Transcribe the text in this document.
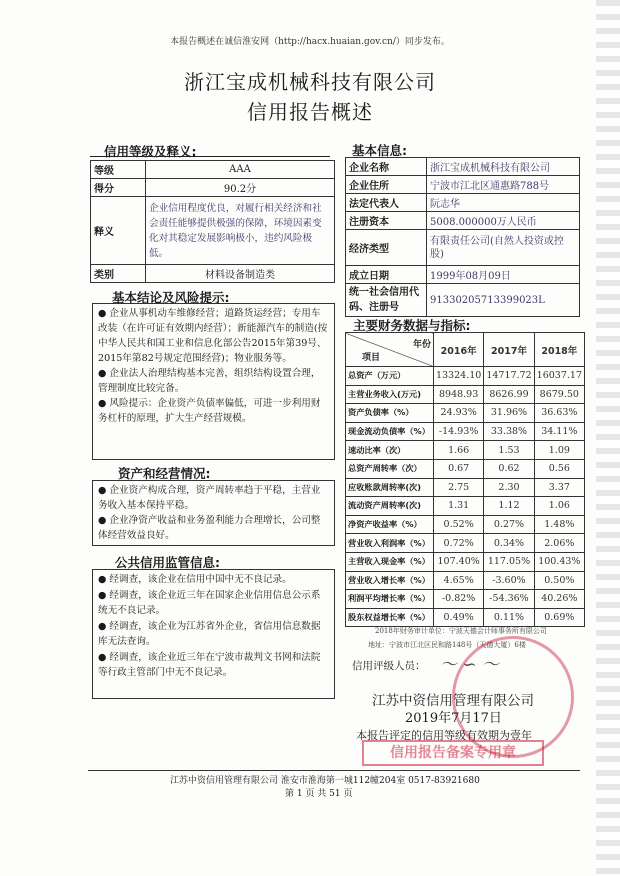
本报告概述在诚信淮安网（http://hacx.huaian.gov.cn/）同步发布。
浙江宝成机械科技有限公司
信用报告概述
信用等级及释义:
等级	AAA
得分	90.2分
释义	企业信用程度优良，对履行相关经济和社会责任能够提供极强的保障，环境因素变化对其稳定发展影响极小，违约风险极低。
类别	材料设备制造类
基本结论及风险提示:

● 企业从事机动车维修经营；道路货运经营；专用车改装（在许可证有效期内经营）；新能源汽车的制造(按中华人民共和国工业和信息化部公告2015年第39号、2015年第82号规定范围经营)；物业服务等。

● 企业法人治理结构基本完善，组织结构设置合理，管理制度比较完备。

● 风险提示：企业资产负债率偏低，可进一步利用财务杠杆的原理，扩大生产经营规模。

资产和经营情况:

● 企业资产构成合理，资产周转率趋于平稳，主营业务收入基本保持平稳。

● 企业净资产收益和业务盈利能力合理增长，公司整体经营效益良好。

公共信用监管信息:

● 经调查，该企业在信用中国中无不良记录。

● 经调查，该企业近三年在国家企业信用信息公示系统无不良记录。

● 经调查，该企业为江苏省外企业，省信用信息数据库无法查询。

● 经调查，该企业近三年在宁波市裁判文书网和法院等行政主管部门中无不良记录。

基本信息:
企业名称	浙江宝成机械科技有限公司
企业住所	宁波市江北区通惠路788号
法定代表人	阮志华
注册资本	5008.000000万人民币
经济类型	有限责任公司(自然人投资或控股)
成立日期	1999年08月09日
统一社会信用代码、注册号	91330205713399023L
主要财务数据与指标:
年份
项目	2016年	2017年	2018年
总资产（万元）	13324.10	14717.72	16037.17
主营业务收入(万元)	8948.93	8626.99	8679.50
资产负债率（%）	24.93%	31.96%	36.63%
现金流动负债率（%）	-14.93%	33.38%	34.11%
速动比率（次）	1.66	1.53	1.09
总资产周转率（次）	0.67	0.62	0.56
应收账款周转率(次)	2.75	2.30	3.37
流动资产周转率(次)	1.31	1.12	1.06
净资产收益率（%）	0.52%	0.27%	1.48%
营业收入利润率（%）	0.72%	0.34%	2.06%
主营收入现金率（%）	107.40%	117.05%	100.43%
营业收入增长率（%）	4.65%	-3.60%	0.50%
利润平均增长率（%）	-0.82%	-54.36%	40.26%
股东权益增长率（%）	0.49%	0.11%	0.69%
2018年财务审计单位：宁波天德会计师事务所有限公司
地址：宁波市江北区民和路148号（天德大厦）6楼
信用评级人员： 〜 ∽ 〜
江苏中资信用管理有限公司
2019年7月17日
本报告评定的信用等级有效期为壹年
信用报告备案专用章
江苏中资信用管理有限公司 淮安市淮海第一城112幢204室 0517-83921680
第 1 页 共 51 页
